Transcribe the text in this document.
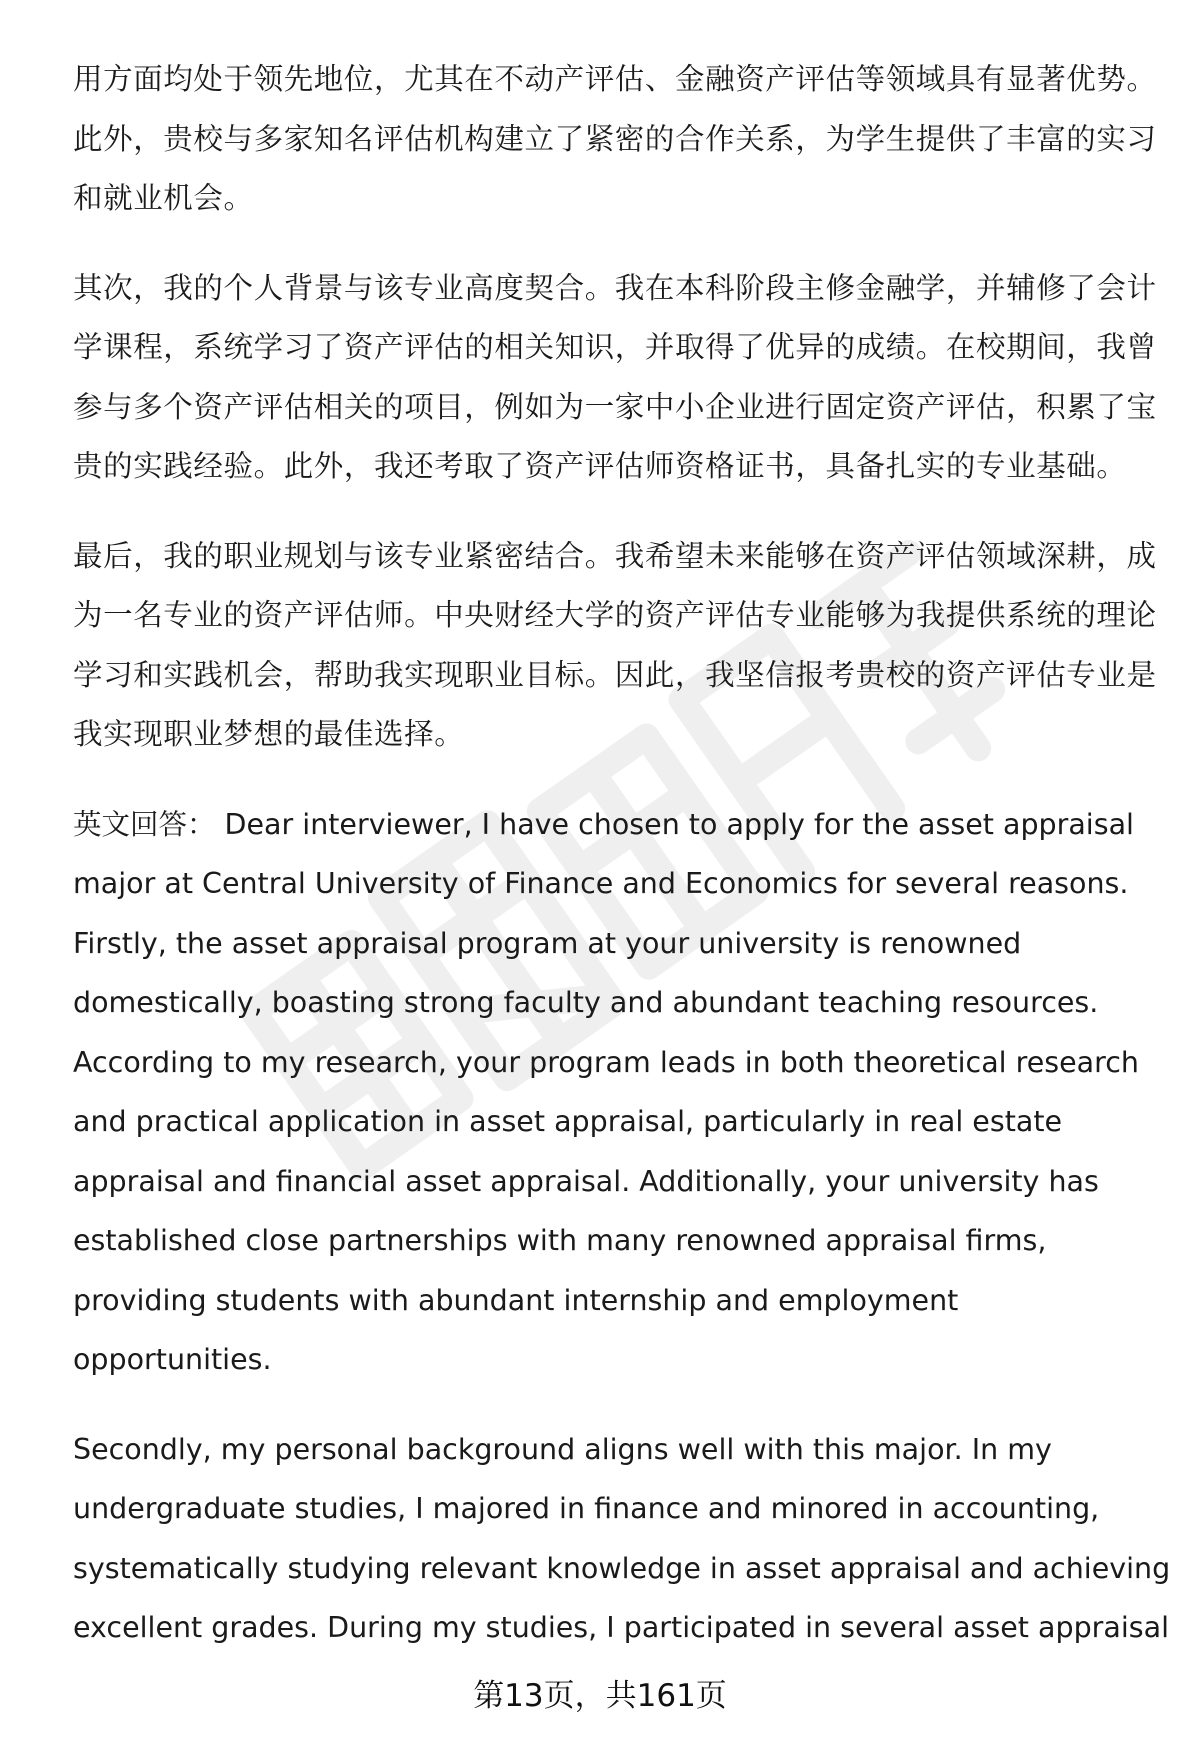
用方面均处于领先地位，尤其在不动产评估、金融资产评估等领域具有显著优势。
此外，贵校与多家知名评估机构建立了紧密的合作关系，为学生提供了丰富的实习
和就业机会。
其次，我的个人背景与该专业高度契合。我在本科阶段主修金融学，并辅修了会计
学课程，系统学习了资产评估的相关知识，并取得了优异的成绩。在校期间，我曾
参与多个资产评估相关的项目，例如为一家中小企业进行固定资产评估，积累了宝
贵的实践经验。此外，我还考取了资产评估师资格证书，具备扎实的专业基础。
最后，我的职业规划与该专业紧密结合。我希望未来能够在资产评估领域深耕，成
为一名专业的资产评估师。中央财经大学的资产评估专业能够为我提供系统的理论
学习和实践机会，帮助我实现职业目标。因此，我坚信报考贵校的资产评估专业是
我实现职业梦想的最佳选择。
英文回答： Dear interviewer, I have chosen to apply for the asset appraisal
major at Central University of Finance and Economics for several reasons.
Firstly, the asset appraisal program at your university is renowned
domestically, boasting strong faculty and abundant teaching resources.
According to my research, your program leads in both theoretical research
and practical application in asset appraisal, particularly in real estate
appraisal and financial asset appraisal. Additionally, your university has
established close partnerships with many renowned appraisal firms,
providing students with abundant internship and employment
opportunities.
Secondly, my personal background aligns well with this major. In my
undergraduate studies, I majored in finance and minored in accounting,
systematically studying relevant knowledge in asset appraisal and achieving
excellent grades. During my studies, I participated in several asset appraisal
第13页，共161页
